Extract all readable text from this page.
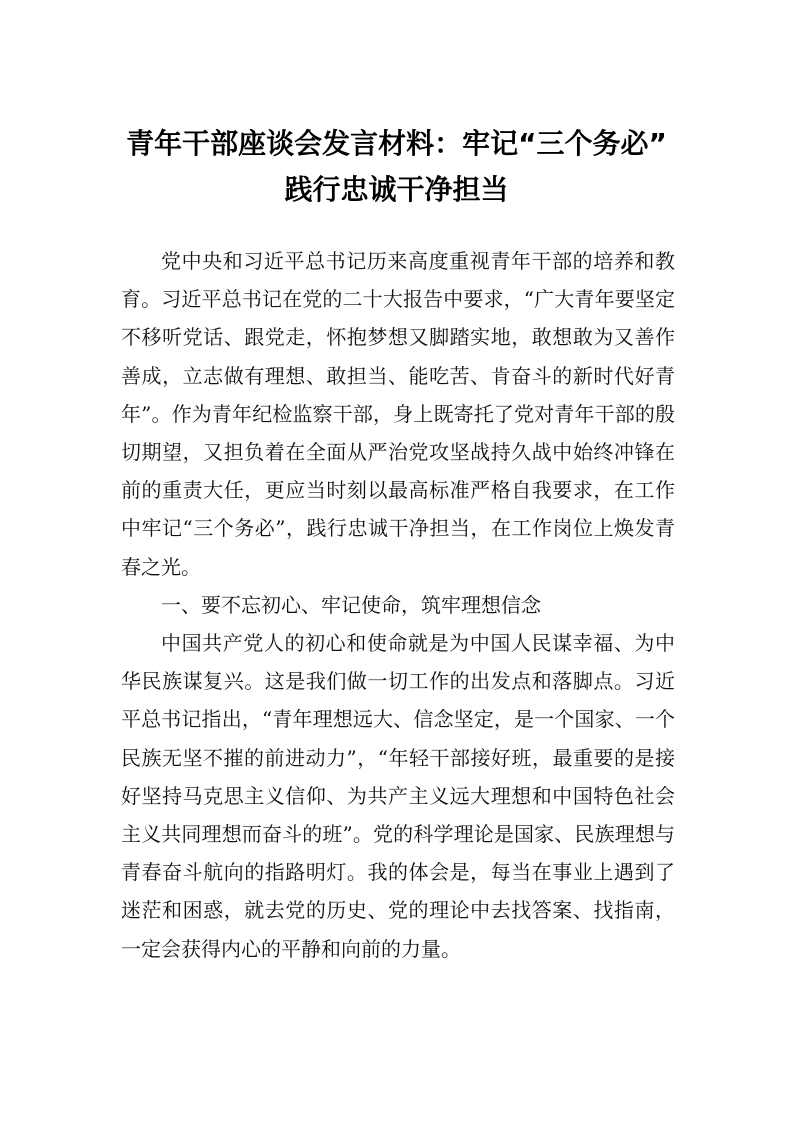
青年干部座谈会发言材料：牢记“三个务必”
践行忠诚干净担当

党中央和习近平总书记历来高度重视青年干部的培养和教育。习近平总书记在党的二十大报告中要求，“广大青年要坚定不移听党话、跟党走，怀抱梦想又脚踏实地，敢想敢为又善作善成，立志做有理想、敢担当、能吃苦、肯奋斗的新时代好青年”。作为青年纪检监察干部，身上既寄托了党对青年干部的殷切期望，又担负着在全面从严治党攻坚战持久战中始终冲锋在前的重责大任，更应当时刻以最高标准严格自我要求，在工作中牢记“三个务必”，践行忠诚干净担当，在工作岗位上焕发青春之光。

一、要不忘初心、牢记使命，筑牢理想信念

中国共产党人的初心和使命就是为中国人民谋幸福、为中华民族谋复兴。这是我们做一切工作的出发点和落脚点。习近平总书记指出，“青年理想远大、信念坚定，是一个国家、一个民族无坚不摧的前进动力”，“年轻干部接好班，最重要的是接好坚持马克思主义信仰、为共产主义远大理想和中国特色社会主义共同理想而奋斗的班”。党的科学理论是国家、民族理想与青春奋斗航向的指路明灯。我的体会是，每当在事业上遇到了迷茫和困惑，就去党的历史、党的理论中去找答案、找指南，一定会获得内心的平静和向前的力量。
